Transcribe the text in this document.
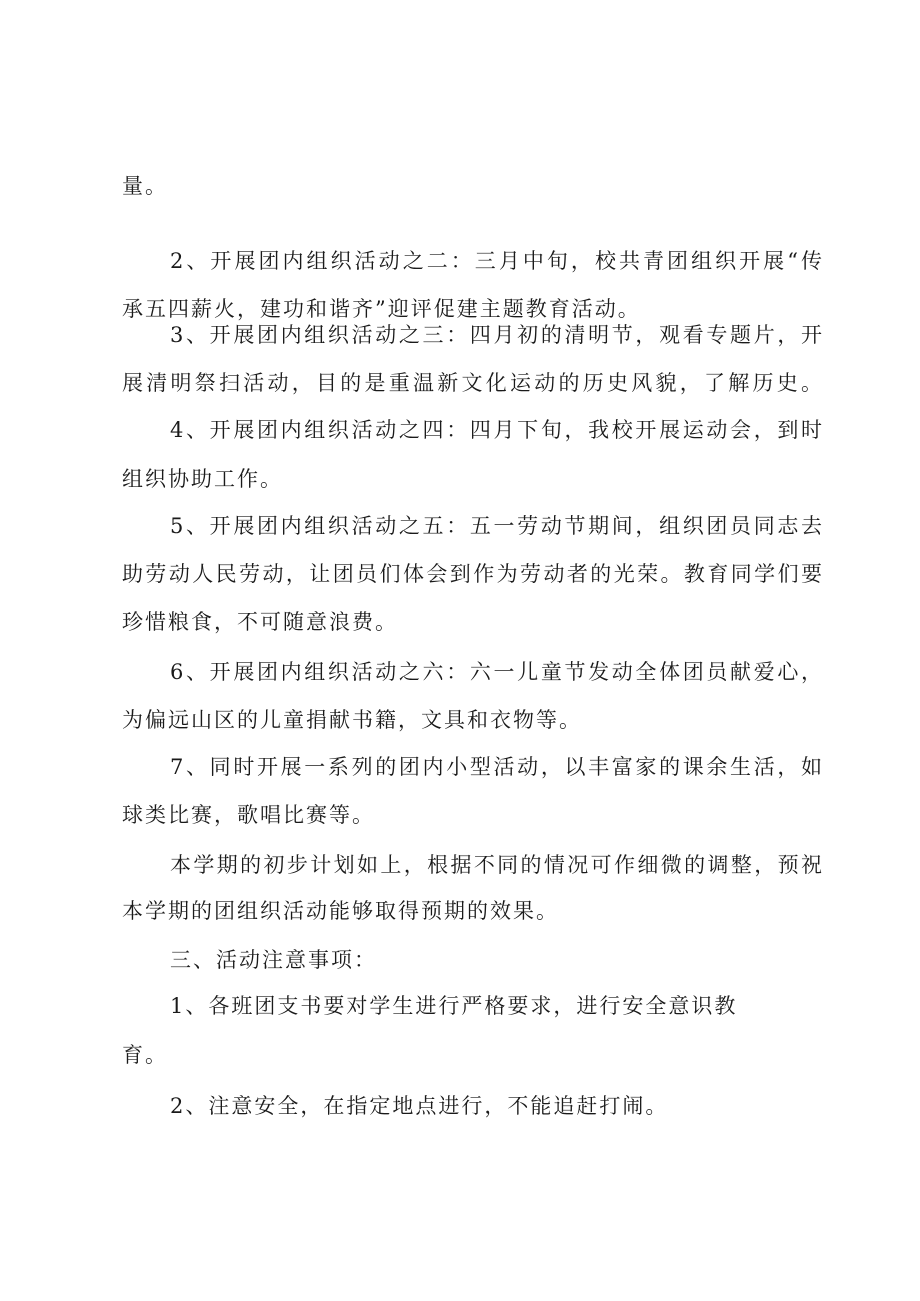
量。
2、开展团内组织活动之二：三月中旬，校共青团组织开展“传
承五四薪火，建功和谐齐”迎评促建主题教育活动。
3、开展团内组织活动之三：四月初的清明节，观看专题片，开
展清明祭扫活动，目的是重温新文化运动的历史风貌，了解历史。
4、开展团内组织活动之四：四月下旬，我校开展运动会，到时
组织协助工作。
5、开展团内组织活动之五：五一劳动节期间，组织团员同志去
助劳动人民劳动，让团员们体会到作为劳动者的光荣。教育同学们要
珍惜粮食，不可随意浪费。
6、开展团内组织活动之六：六一儿童节发动全体团员献爱心，
为偏远山区的儿童捐献书籍，文具和衣物等。
7、同时开展一系列的团内小型活动，以丰富家的课余生活，如
球类比赛，歌唱比赛等。
本学期的初步计划如上，根据不同的情况可作细微的调整，预祝
本学期的团组织活动能够取得预期的效果。
三、活动注意事项：
1、各班团支书要对学生进行严格要求，进行安全意识教
育。
2、注意安全，在指定地点进行，不能追赶打闹。
